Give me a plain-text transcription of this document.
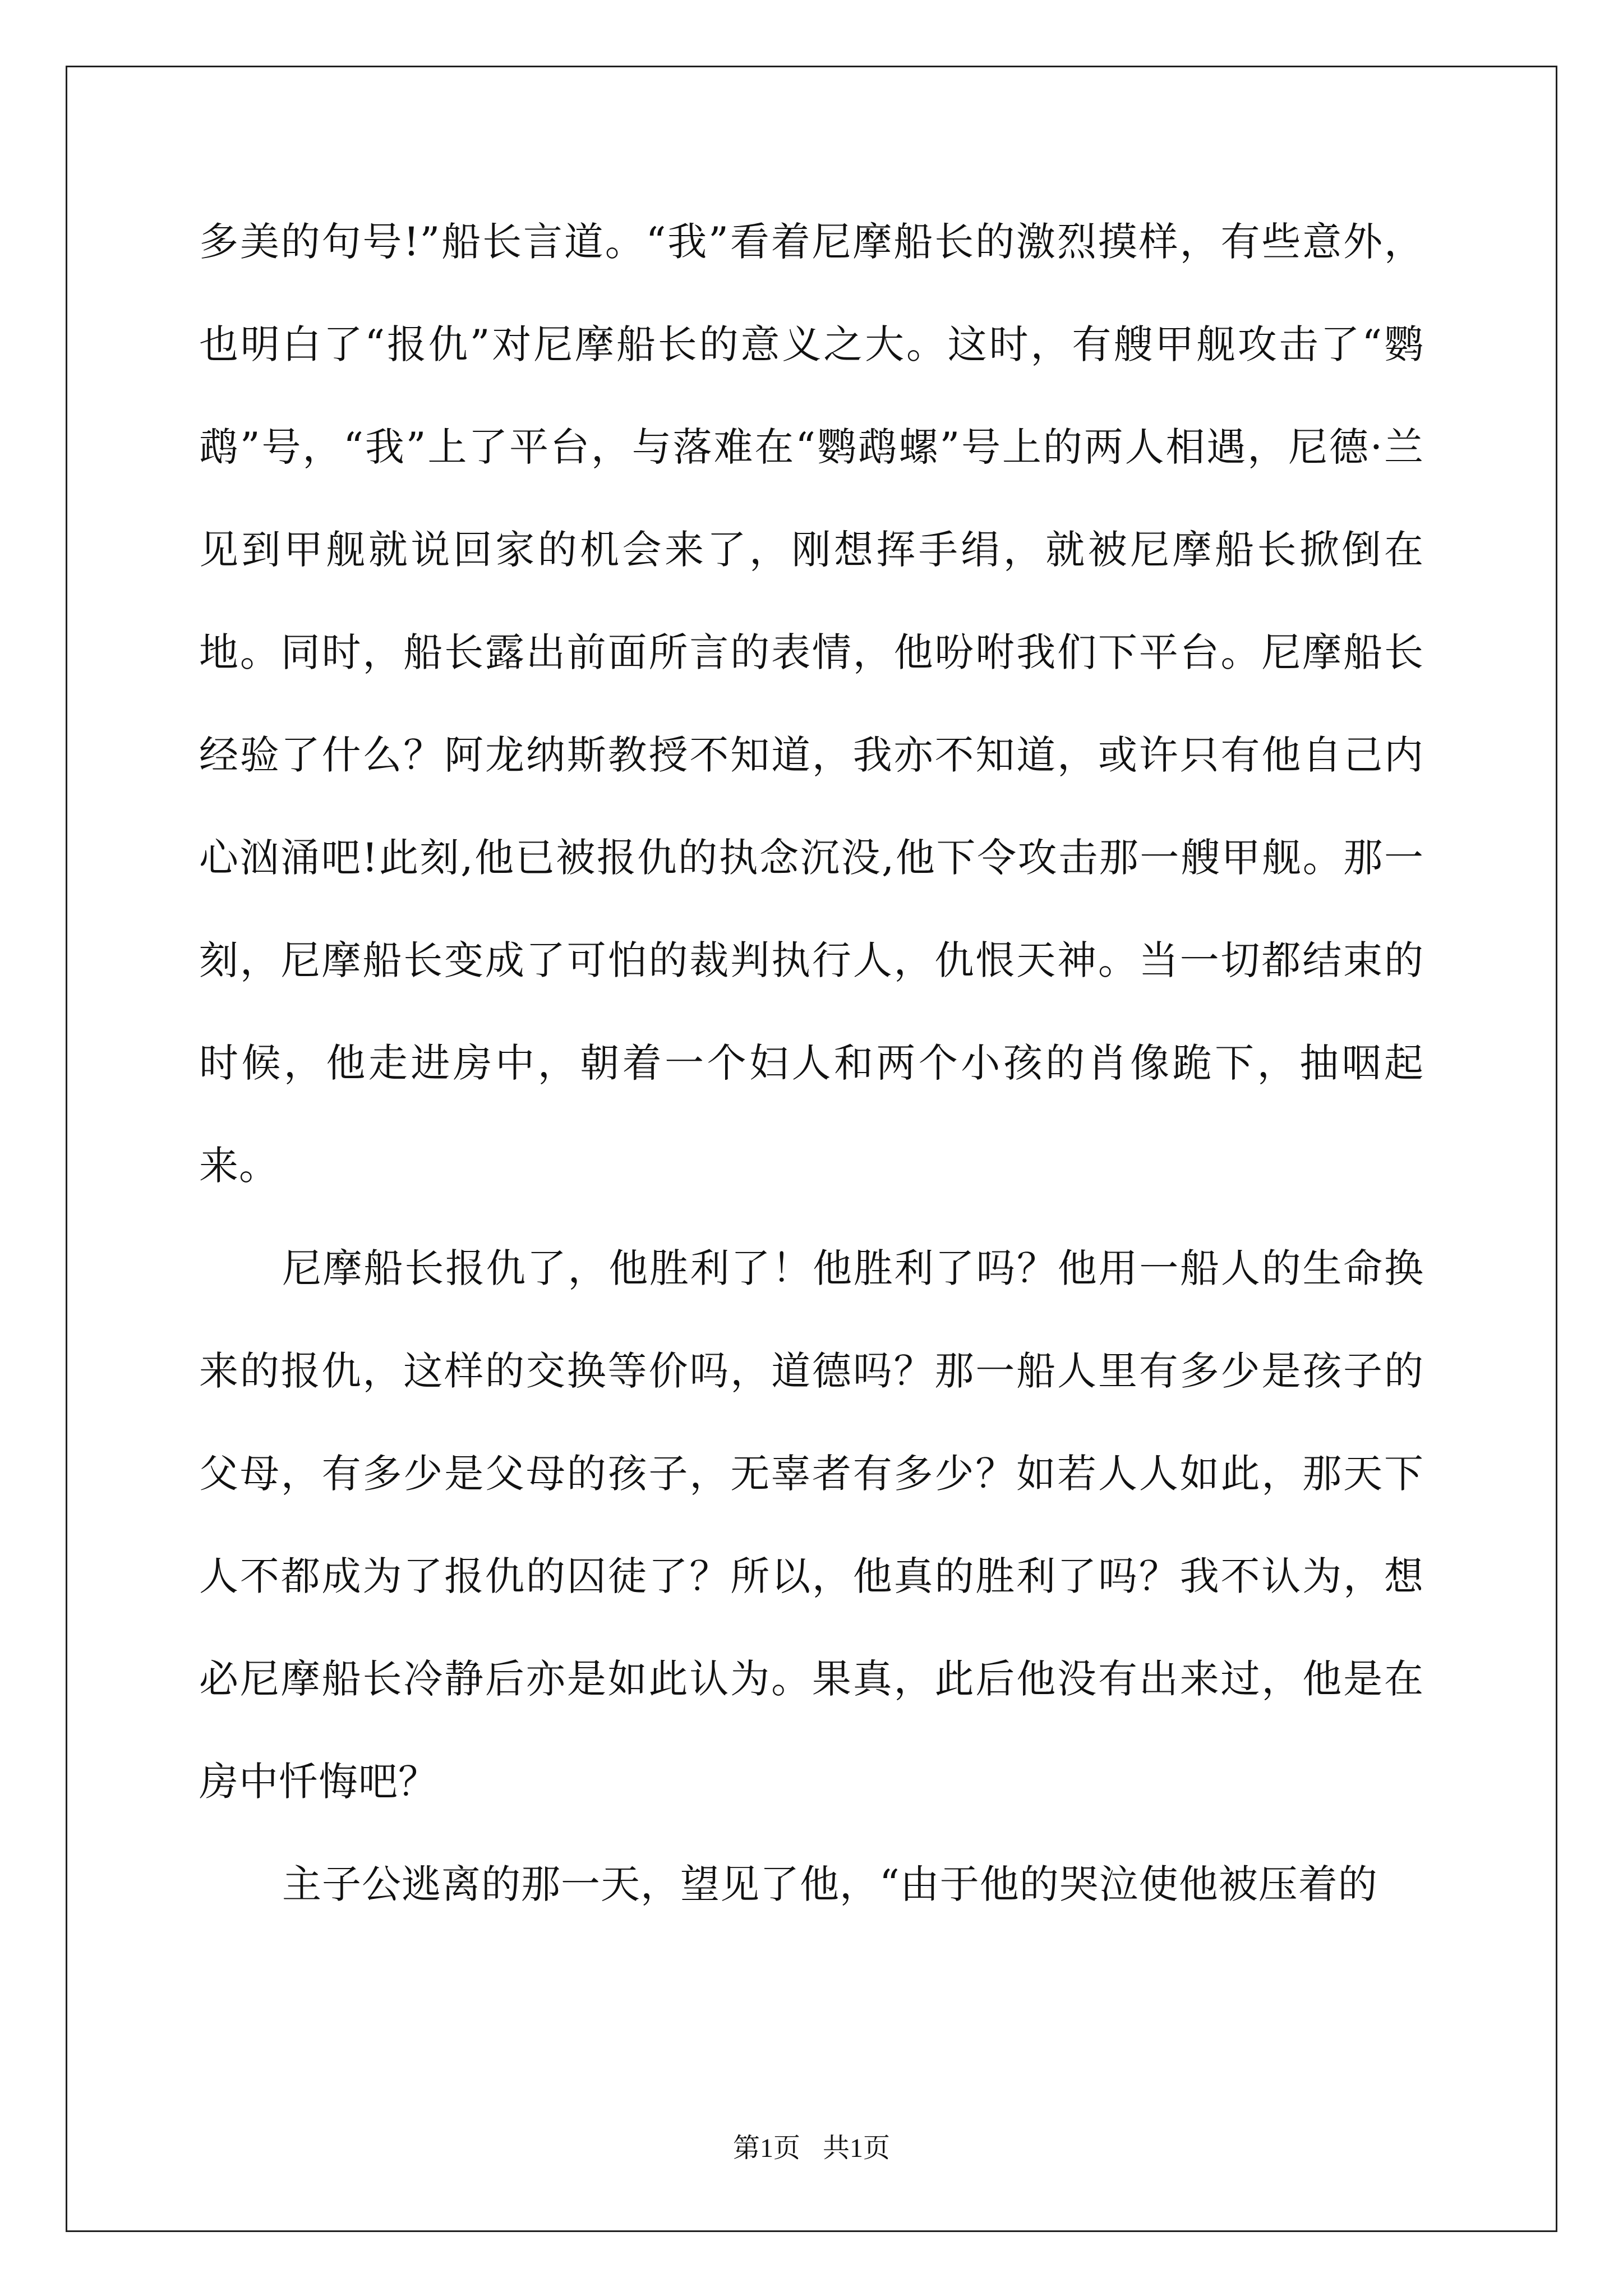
多美的句号!”船长言道。“我”看着尼摩船长的激烈摸样，有些意外，也明白了“报仇”对尼摩船长的意义之大。这时，有艘甲舰攻击了“鹦鹉”号，“我”上了平台，与落难在“鹦鹉螺”号上的两人相遇，尼德·兰见到甲舰就说回家的机会来了，刚想挥手绢，就被尼摩船长掀倒在地。同时，船长露出前面所言的表情，他吩咐我们下平台。尼摩船长经验了什么？阿龙纳斯教授不知道，我亦不知道，或许只有他自己内心汹涌吧!此刻,他已被报仇的执念沉没,他下令攻击那一艘甲舰。那一刻，尼摩船长变成了可怕的裁判执行人，仇恨天神。当一切都结束的时候，他走进房中，朝着一个妇人和两个小孩的肖像跪下，抽咽起来。

尼摩船长报仇了，他胜利了！他胜利了吗？他用一船人的生命换来的报仇，这样的交换等价吗，道德吗？那一船人里有多少是孩子的父母，有多少是父母的孩子，无辜者有多少？如若人人如此，那天下人不都成为了报仇的囚徒了？所以，他真的胜利了吗？我不认为，想必尼摩船长冷静后亦是如此认为。果真，此后他没有出来过，他是在房中忏悔吧？

主子公逃离的那一天，望见了他，“由于他的哭泣使他被压着的

第1页 共1页
